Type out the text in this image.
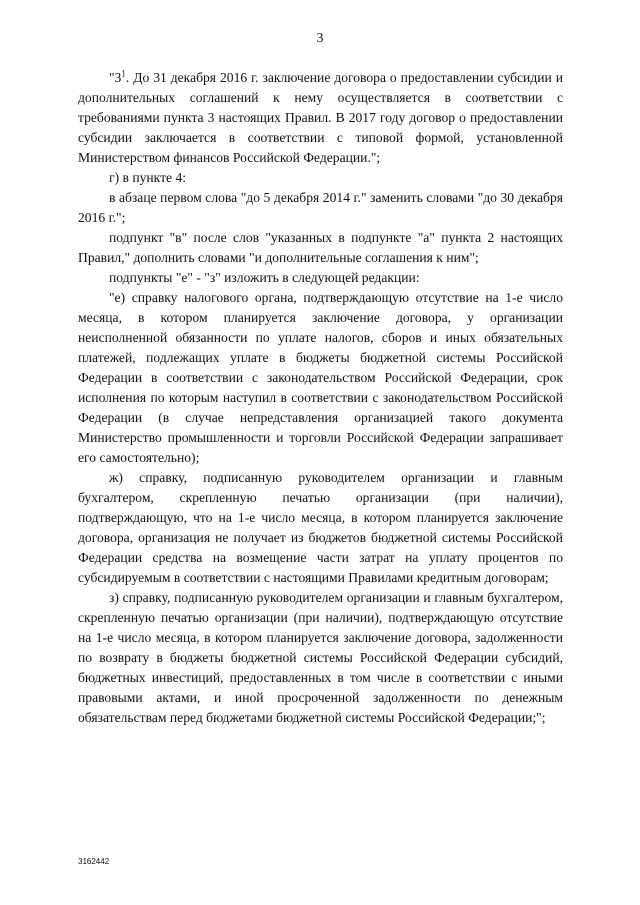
3

"$3^1$. До 31 декабря 2016 г. заключение договора о предоставлении субсидии и дополнительных соглашений к нему осуществляется в соответствии с требованиями пункта 3 настоящих Правил. В 2017 году договор о предоставлении субсидии заключается в соответствии с типовой формой, установленной Министерством финансов Российской Федерации.";

г) в пункте 4:

в абзаце первом слова "до 5 декабря 2014 г." заменить словами "до 30 декабря 2016 г.";

подпункт "в" после слов "указанных в подпункте "а" пункта 2 настоящих Правил," дополнить словами "и дополнительные соглашения к ним";

подпункты "е" - "з" изложить в следующей редакции:

"е) справку налогового органа, подтверждающую отсутствие на 1-е число месяца, в котором планируется заключение договора, у организации неисполненной обязанности по уплате налогов, сборов и иных обязательных платежей, подлежащих уплате в бюджеты бюджетной системы Российской Федерации в соответствии с законодательством Российской Федерации, срок исполнения по которым наступил в соответствии с законодательством Российской Федерации (в случае непредставления организацией такого документа Министерство промышленности и торговли Российской Федерации запрашивает его самостоятельно);

ж) справку, подписанную руководителем организации и главным бухгалтером, скрепленную печатью организации (при наличии), подтверждающую, что на 1-е число месяца, в котором планируется заключение договора, организация не получает из бюджетов бюджетной системы Российской Федерации средства на возмещение части затрат на уплату процентов по субсидируемым в соответствии с настоящими Правилами кредитным договорам;

з) справку, подписанную руководителем организации и главным бухгалтером, скрепленную печатью организации (при наличии), подтверждающую отсутствие на 1-е число месяца, в котором планируется заключение договора, задолженности по возврату в бюджеты бюджетной системы Российской Федерации субсидий, бюджетных инвестиций, предоставленных в том числе в соответствии с иными правовыми актами, и иной просроченной задолженности по денежным обязательствам перед бюджетами бюджетной системы Российской Федерации;";

3162442
